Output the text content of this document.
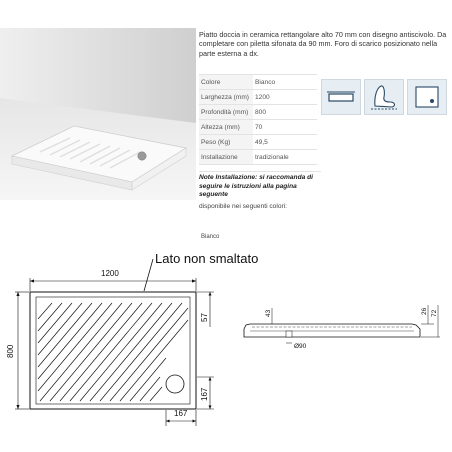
Piatto doccia in ceramica rettangolare alto 70 mm con disegno antiscivolo. Da completare con piletta sifonata da 90 mm. Foro di scarico posizionato nella parte esterna a dx.
Colore	Bianco
Larghezza (mm)	1200
Profondità (mm)	800
Altezza (mm)	70
Peso (Kg)	49,5
Installazione	tradizionale
Note Installazione: si raccomanda di seguire le istruzioni alla pagina seguente
disponibile nei seguenti colori:
Bianco
Lato non smaltato
1200
800
57
167
167
43
Ø90
26 72
